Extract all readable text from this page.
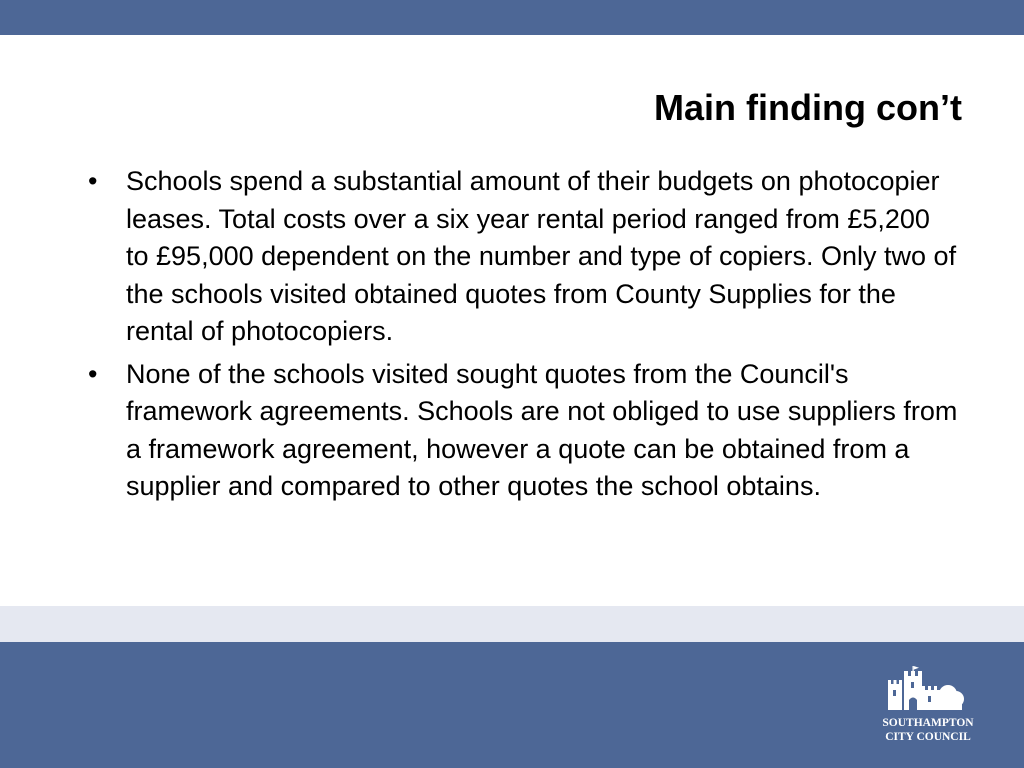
Main finding con’t
• Schools spend a substantial amount of their budgets on photocopier leases. Total costs over a six year rental period ranged from £5,200 to £95,000 dependent on the number and type of copiers. Only two of the schools visited obtained quotes from County Supplies for the rental of photocopiers.
• None of the schools visited sought quotes from the Council's framework agreements. Schools are not obliged to use suppliers from a framework agreement, however a quote can be obtained from a supplier and compared to other quotes the school obtains.
SOUTHAMPTON
CITY COUNCIL
